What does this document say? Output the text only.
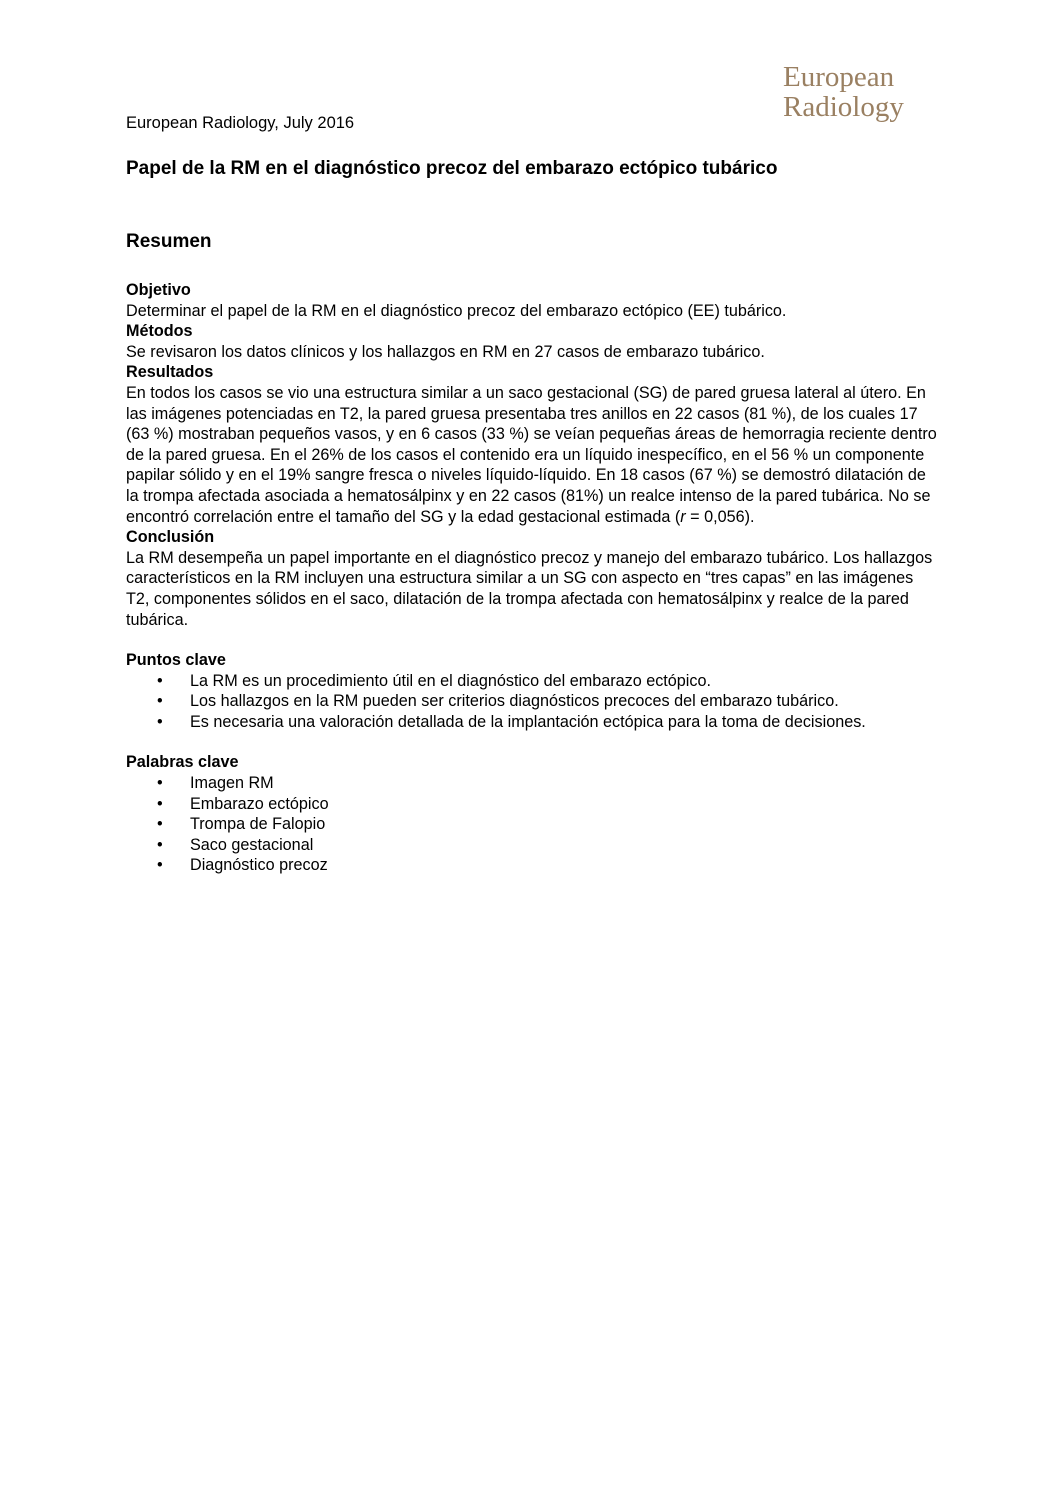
European
Radiology
European Radiology, July 2016
Papel de la RM en el diagnóstico precoz del embarazo ectópico tubárico
Resumen
Objetivo

Determinar el papel de la RM en el diagnóstico precoz del embarazo ectópico (EE) tubárico.

Métodos

Se revisaron los datos clínicos y los hallazgos en RM en 27 casos de embarazo tubárico.

Resultados

En todos los casos se vio una estructura similar a un saco gestacional (SG) de pared gruesa lateral al útero. En las imágenes potenciadas en T2, la pared gruesa presentaba tres anillos en 22 casos (81 %), de los cuales 17 (63 %) mostraban pequeños vasos, y en 6 casos (33 %) se veían pequeñas áreas de hemorragia reciente dentro de la pared gruesa. En el 26% de los casos el contenido era un líquido inespecífico, en el 56 % un componente papilar sólido y en el 19% sangre fresca o niveles líquido-líquido. En 18 casos (67 %) se demostró dilatación de la trompa afectada asociada a hematosálpinx y en 22 casos (81%) un realce intenso de la pared tubárica. No se encontró correlación entre el tamaño del SG y la edad gestacional estimada (r = 0,056).

Conclusión

La RM desempeña un papel importante en el diagnóstico precoz y manejo del embarazo tubárico. Los hallazgos característicos en la RM incluyen una estructura similar a un SG con aspecto en “tres capas” en las imágenes T2, componentes sólidos en el saco, dilatación de la trompa afectada con hematosálpinx y realce de la pared tubárica.

Puntos clave
• La RM es un procedimiento útil en el diagnóstico del embarazo ectópico.
• Los hallazgos en la RM pueden ser criterios diagnósticos precoces del embarazo tubárico.
• Es necesaria una valoración detallada de la implantación ectópica para la toma de decisiones.
Palabras clave
• Imagen RM
• Embarazo ectópico
• Trompa de Falopio
• Saco gestacional
• Diagnóstico precoz
